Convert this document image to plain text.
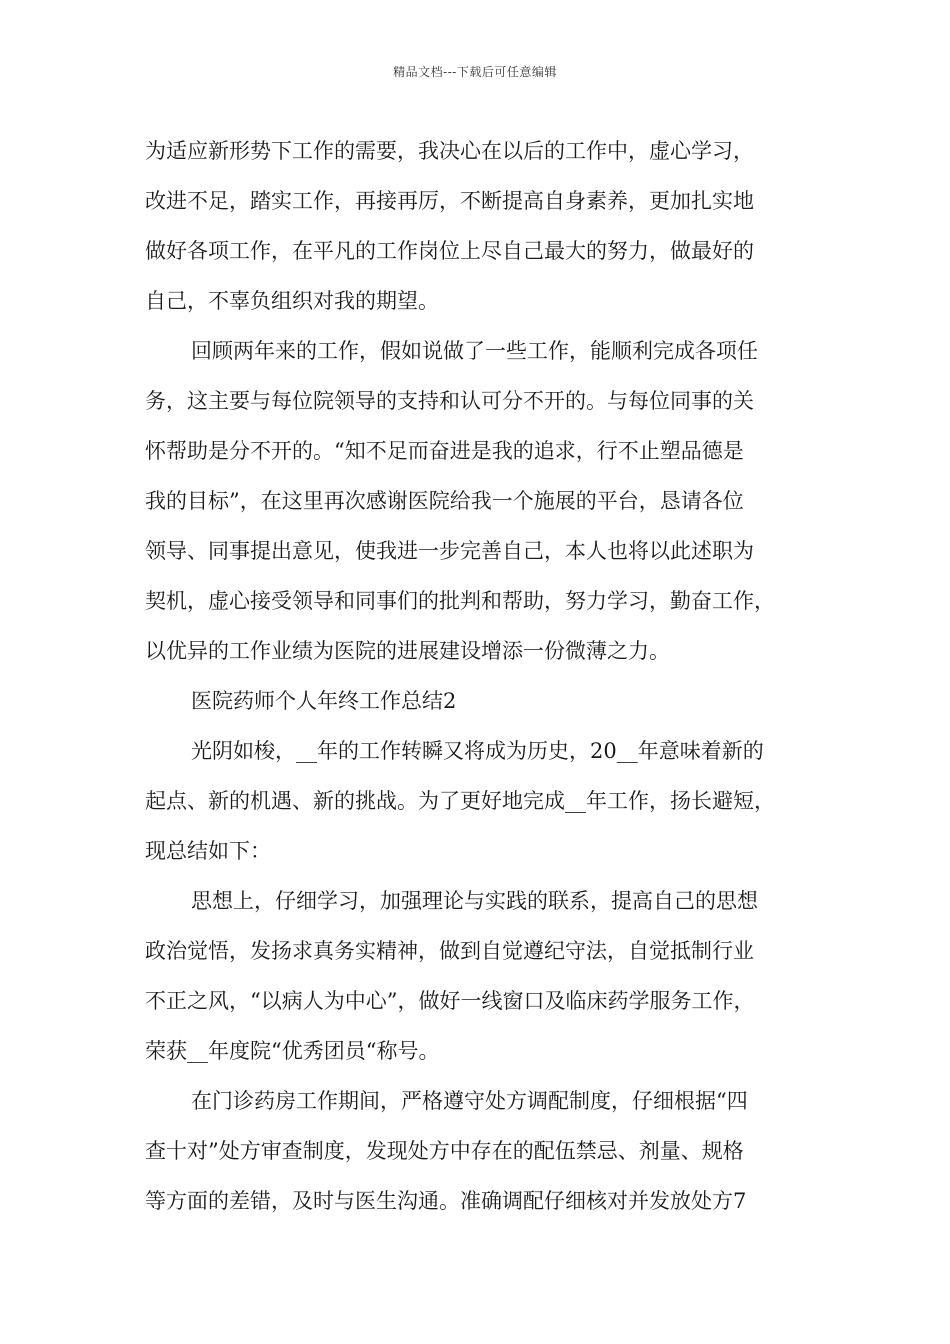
精品文档---下载后可任意编辑
为适应新形势下工作的需要，我决心在以后的工作中，虚心学习，
改进不足，踏实工作，再接再厉，不断提高自身素养，更加扎实地
做好各项工作，在平凡的工作岗位上尽自己最大的努力，做最好的
自己，不辜负组织对我的期望。
回顾两年来的工作，假如说做了一些工作，能顺利完成各项任
务，这主要与每位院领导的支持和认可分不开的。与每位同事的关
怀帮助是分不开的。“知不足而奋进是我的追求，行不止塑品德是
我的目标”，在这里再次感谢医院给我一个施展的平台，恳请各位
领导、同事提出意见，使我进一步完善自己，本人也将以此述职为
契机，虚心接受领导和同事们的批判和帮助，努力学习，勤奋工作，
以优异的工作业绩为医院的进展建设增添一份微薄之力。
医院药师个人年终工作总结2
光阴如梭，__年的工作转瞬又将成为历史，20__年意味着新的
起点、新的机遇、新的挑战。为了更好地完成__年工作，扬长避短，
现总结如下：
思想上，仔细学习，加强理论与实践的联系，提高自己的思想
政治觉悟，发扬求真务实精神，做到自觉遵纪守法，自觉抵制行业
不正之风，“以病人为中心”，做好一线窗口及临床药学服务工作，
荣获__年度院“优秀团员“称号。
在门诊药房工作期间，严格遵守处方调配制度，仔细根据“四
查十对”处方审查制度，发现处方中存在的配伍禁忌、剂量、规格
等方面的差错，及时与医生沟通。准确调配仔细核对并发放处方7
